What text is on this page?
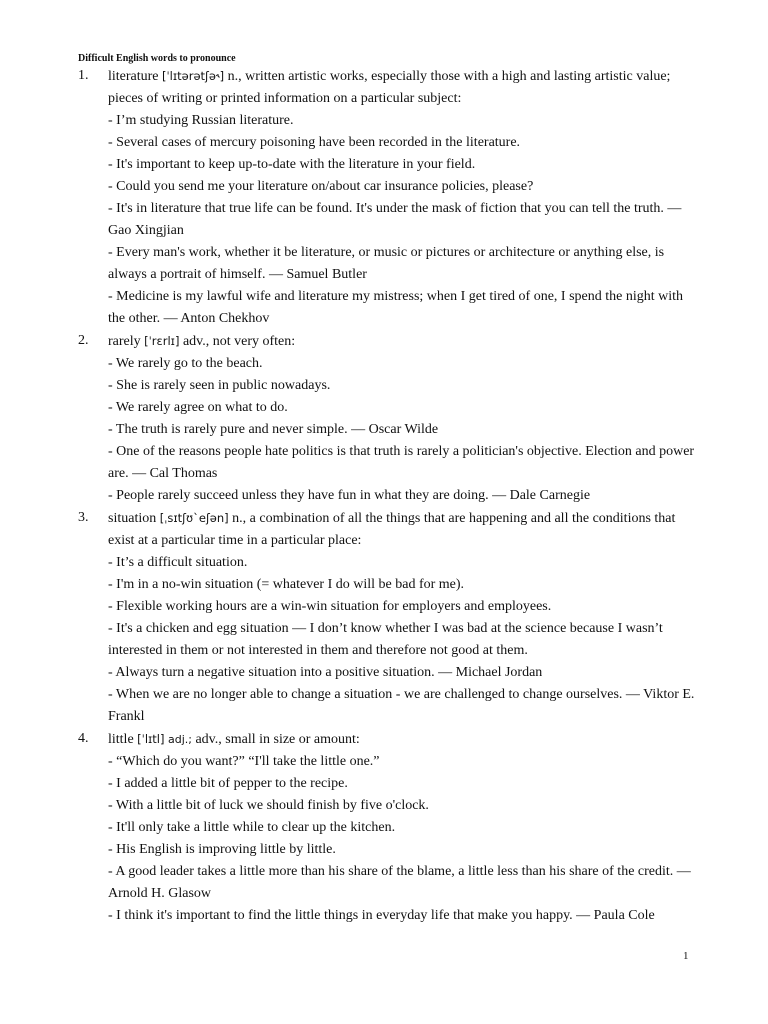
Difficult English words to pronounce
1. literature [ˈlɪtərətʃə˞] n., written artistic works, especially those with a high and lasting artistic value; pieces of writing or printed information on a particular subject:
- I’m studying Russian literature.
- Several cases of mercury poisoning have been recorded in the literature.
- It's important to keep up-to-date with the literature in your field.
- Could you send me your literature on/about car insurance policies, please?
- It's in literature that true life can be found. It's under the mask of fiction that you can tell the truth. — Gao Xingjian
- Every man's work, whether it be literature, or music or pictures or architecture or anything else, is always a portrait of himself. — Samuel Butler
- Medicine is my lawful wife and literature my mistress; when I get tired of one, I spend the night with the other. — Anton Chekhov
2. rarely [ˈrɛrlɪ] adv., not very often:
- We rarely go to the beach.
- She is rarely seen in public nowadays.
- We rarely agree on what to do.
- The truth is rarely pure and never simple. — Oscar Wilde
- One of the reasons people hate politics is that truth is rarely a politician's objective. Election and power are. — Cal Thomas
- People rarely succeed unless they have fun in what they are doing. — Dale Carnegie
3. situation [ˌsɪtʃʊˋeʃən] n., a combination of all the things that are happening and all the conditions that exist at a particular time in a particular place:
- It’s a difficult situation.
- I'm in a no-win situation (= whatever I do will be bad for me).
- Flexible working hours are a win-win situation for employers and employees.
- It's a chicken and egg situation — I don’t know whether I was bad at the science because I wasn’t interested in them or not interested in them and therefore not good at them.
- Always turn a negative situation into a positive situation. — Michael Jordan
- When we are no longer able to change a situation - we are challenged to change ourselves. — Viktor E. Frankl
4. little [ˈlɪtl] adj.; adv., small in size or amount:
- “Which do you want?” “I'll take the little one.”
- I added a little bit of pepper to the recipe.
- With a little bit of luck we should finish by five o'clock.
- It'll only take a little while to clear up the kitchen.
- His English is improving little by little.
- A good leader takes a little more than his share of the blame, a little less than his share of the credit. — Arnold H. Glasow
- I think it's important to find the little things in everyday life that make you happy. — Paula Cole
1
